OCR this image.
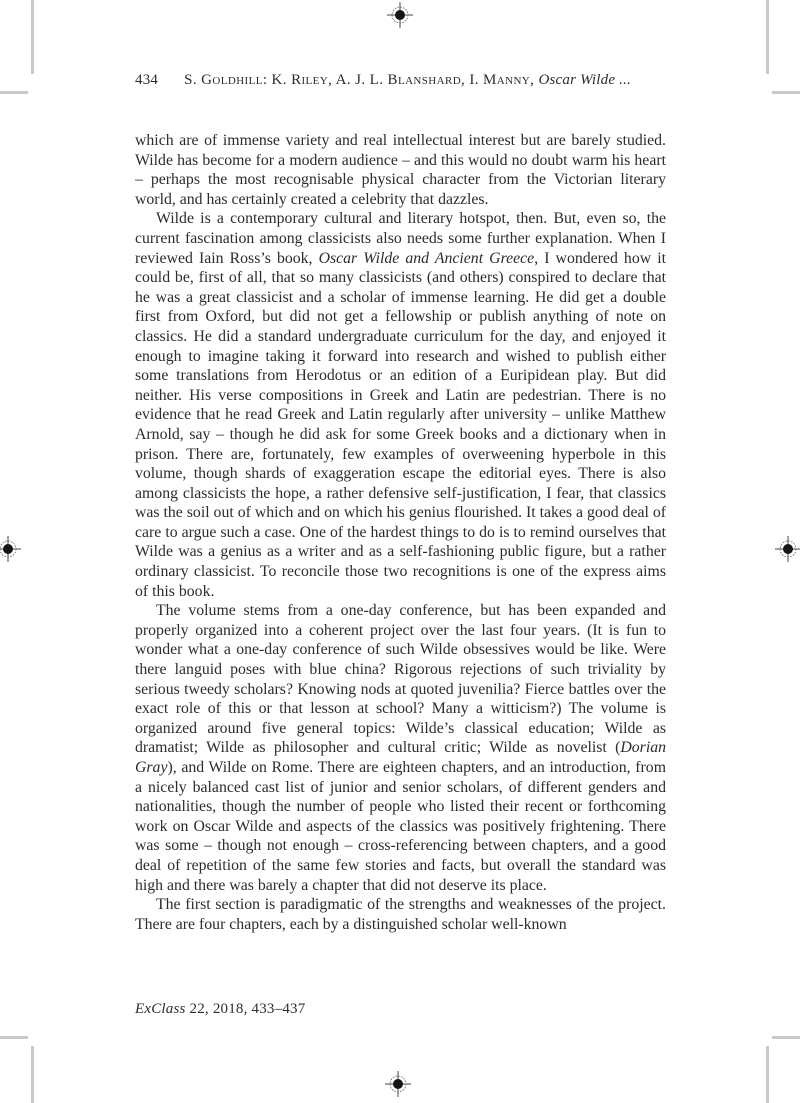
434 S. Goldhill: K. Riley, A. J. L. Blanshard, I. Manny, Oscar Wilde ...

which are of immense variety and real intellectual interest but are barely studied. Wilde has become for a modern audience – and this would no doubt warm his heart – perhaps the most recognisable physical character from the Victorian literary world, and has certainly created a celebrity that dazzles.

Wilde is a contemporary cultural and literary hotspot, then. But, even so, the current fascination among classicists also needs some further explanation. When I reviewed Iain Ross’s book, Oscar Wilde and Ancient Greece, I wondered how it could be, first of all, that so many classicists (and others) conspired to declare that he was a great classicist and a scholar of immense learning. He did get a double first from Oxford, but did not get a fellowship or publish anything of note on classics. He did a standard undergraduate curriculum for the day, and enjoyed it enough to imagine taking it forward into research and wished to publish either some translations from Herodotus or an edition of a Euripidean play. But did neither. His verse compositions in Greek and Latin are pedestrian. There is no evidence that he read Greek and Latin regularly after university – unlike Matthew Arnold, say – though he did ask for some Greek books and a dictionary when in prison. There are, fortunately, few examples of overweening hyperbole in this volume, though shards of exaggeration escape the editorial eyes. There is also among classicists the hope, a rather defensive self-justification, I fear, that classics was the soil out of which and on which his genius flourished. It takes a good deal of care to argue such a case. One of the hardest things to do is to remind ourselves that Wilde was a genius as a writer and as a self-fashioning public figure, but a rather ordinary classicist. To reconcile those two recognitions is one of the express aims of this book.

The volume stems from a one-day conference, but has been expanded and properly organized into a coherent project over the last four years. (It is fun to wonder what a one-day conference of such Wilde obsessives would be like. Were there languid poses with blue china? Rigorous rejections of such triviality by serious tweedy scholars? Knowing nods at quoted juvenilia? Fierce battles over the exact role of this or that lesson at school? Many a witticism?) The volume is organized around five general topics: Wilde’s classical education; Wilde as dramatist; Wilde as philosopher and cultural critic; Wilde as novelist (Dorian Gray), and Wilde on Rome. There are eighteen chapters, and an introduction, from a nicely balanced cast list of junior and senior scholars, of different genders and nationalities, though the number of people who listed their recent or forthcoming work on Oscar Wilde and aspects of the classics was positively frightening. There was some – though not enough – cross-referencing between chapters, and a good deal of repetition of the same few stories and facts, but overall the standard was high and there was barely a chapter that did not deserve its place.

The first section is paradigmatic of the strengths and weaknesses of the project. There are four chapters, each by a distinguished scholar well-known

ExClass 22, 2018, 433–437
